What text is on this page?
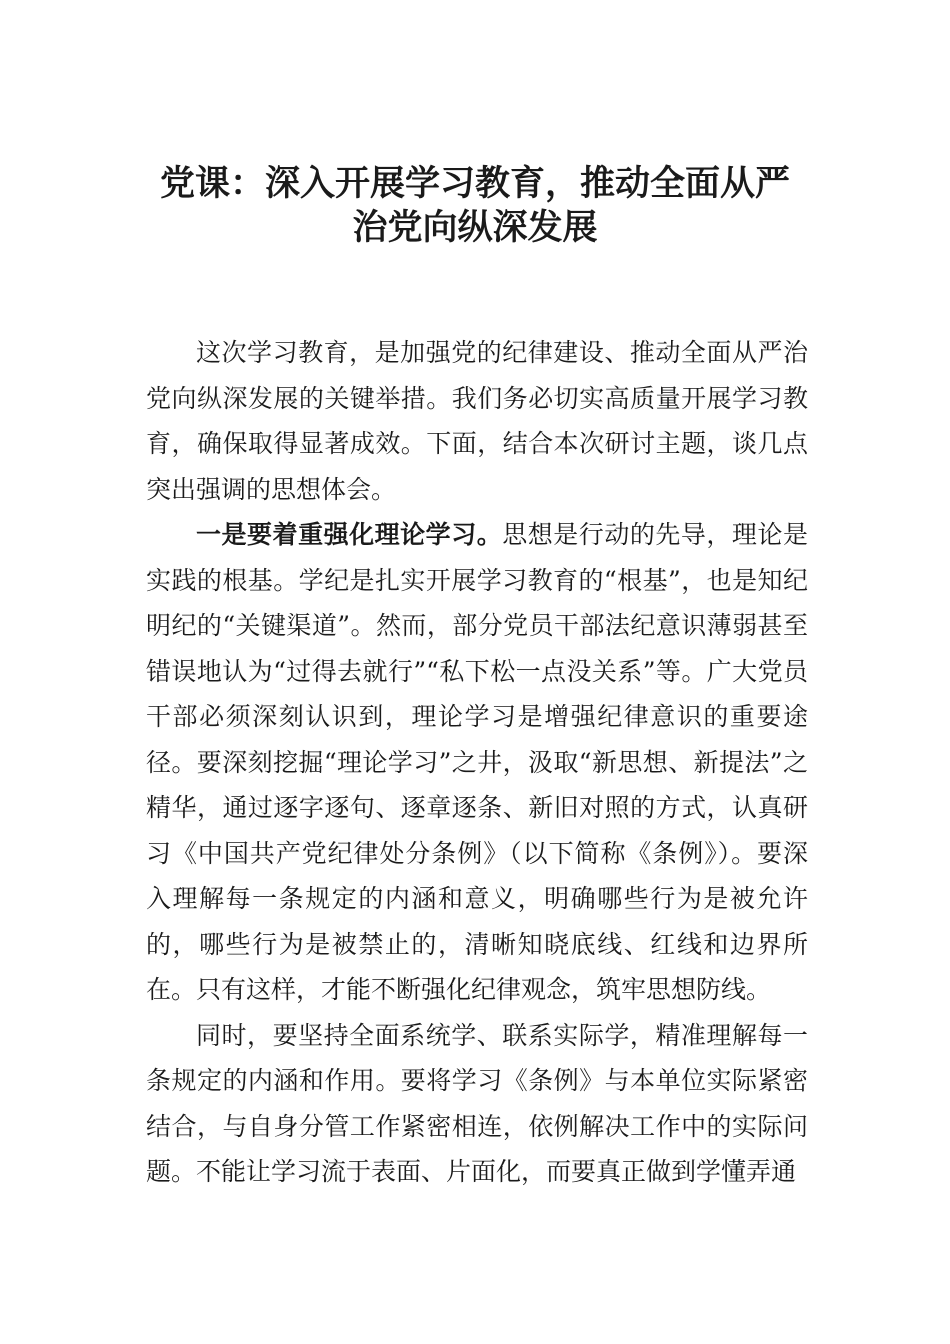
党课：深入开展学习教育，推动全面从严
治党向纵深发展

这次学习教育，是加强党的纪律建设、推动全面从严治党向纵深发展的关键举措。我们务必切实高质量开展学习教育，确保取得显著成效。下面，结合本次研讨主题，谈几点突出强调的思想体会。

一是要着重强化理论学习。思想是行动的先导，理论是实践的根基。学纪是扎实开展学习教育的“根基”，也是知纪明纪的“关键渠道”。然而，部分党员干部法纪意识薄弱甚至错误地认为“过得去就行”“私下松一点没关系”等。广大党员干部必须深刻认识到，理论学习是增强纪律意识的重要途径。要深刻挖掘“理论学习”之井，汲取“新思想、新提法”之精华，通过逐字逐句、逐章逐条、新旧对照的方式，认真研习《中国共产党纪律处分条例》（以下简称《条例》）。要深入理解每一条规定的内涵和意义，明确哪些行为是被允许的，哪些行为是被禁止的，清晰知晓底线、红线和边界所在。只有这样，才能不断强化纪律观念，筑牢思想防线。

同时，要坚持全面系统学、联系实际学，精准理解每一条规定的内涵和作用。要将学习《条例》与本单位实际紧密结合，与自身分管工作紧密相连，依例解决工作中的实际问题。不能让学习流于表面、片面化，而要真正做到学懂弄通
